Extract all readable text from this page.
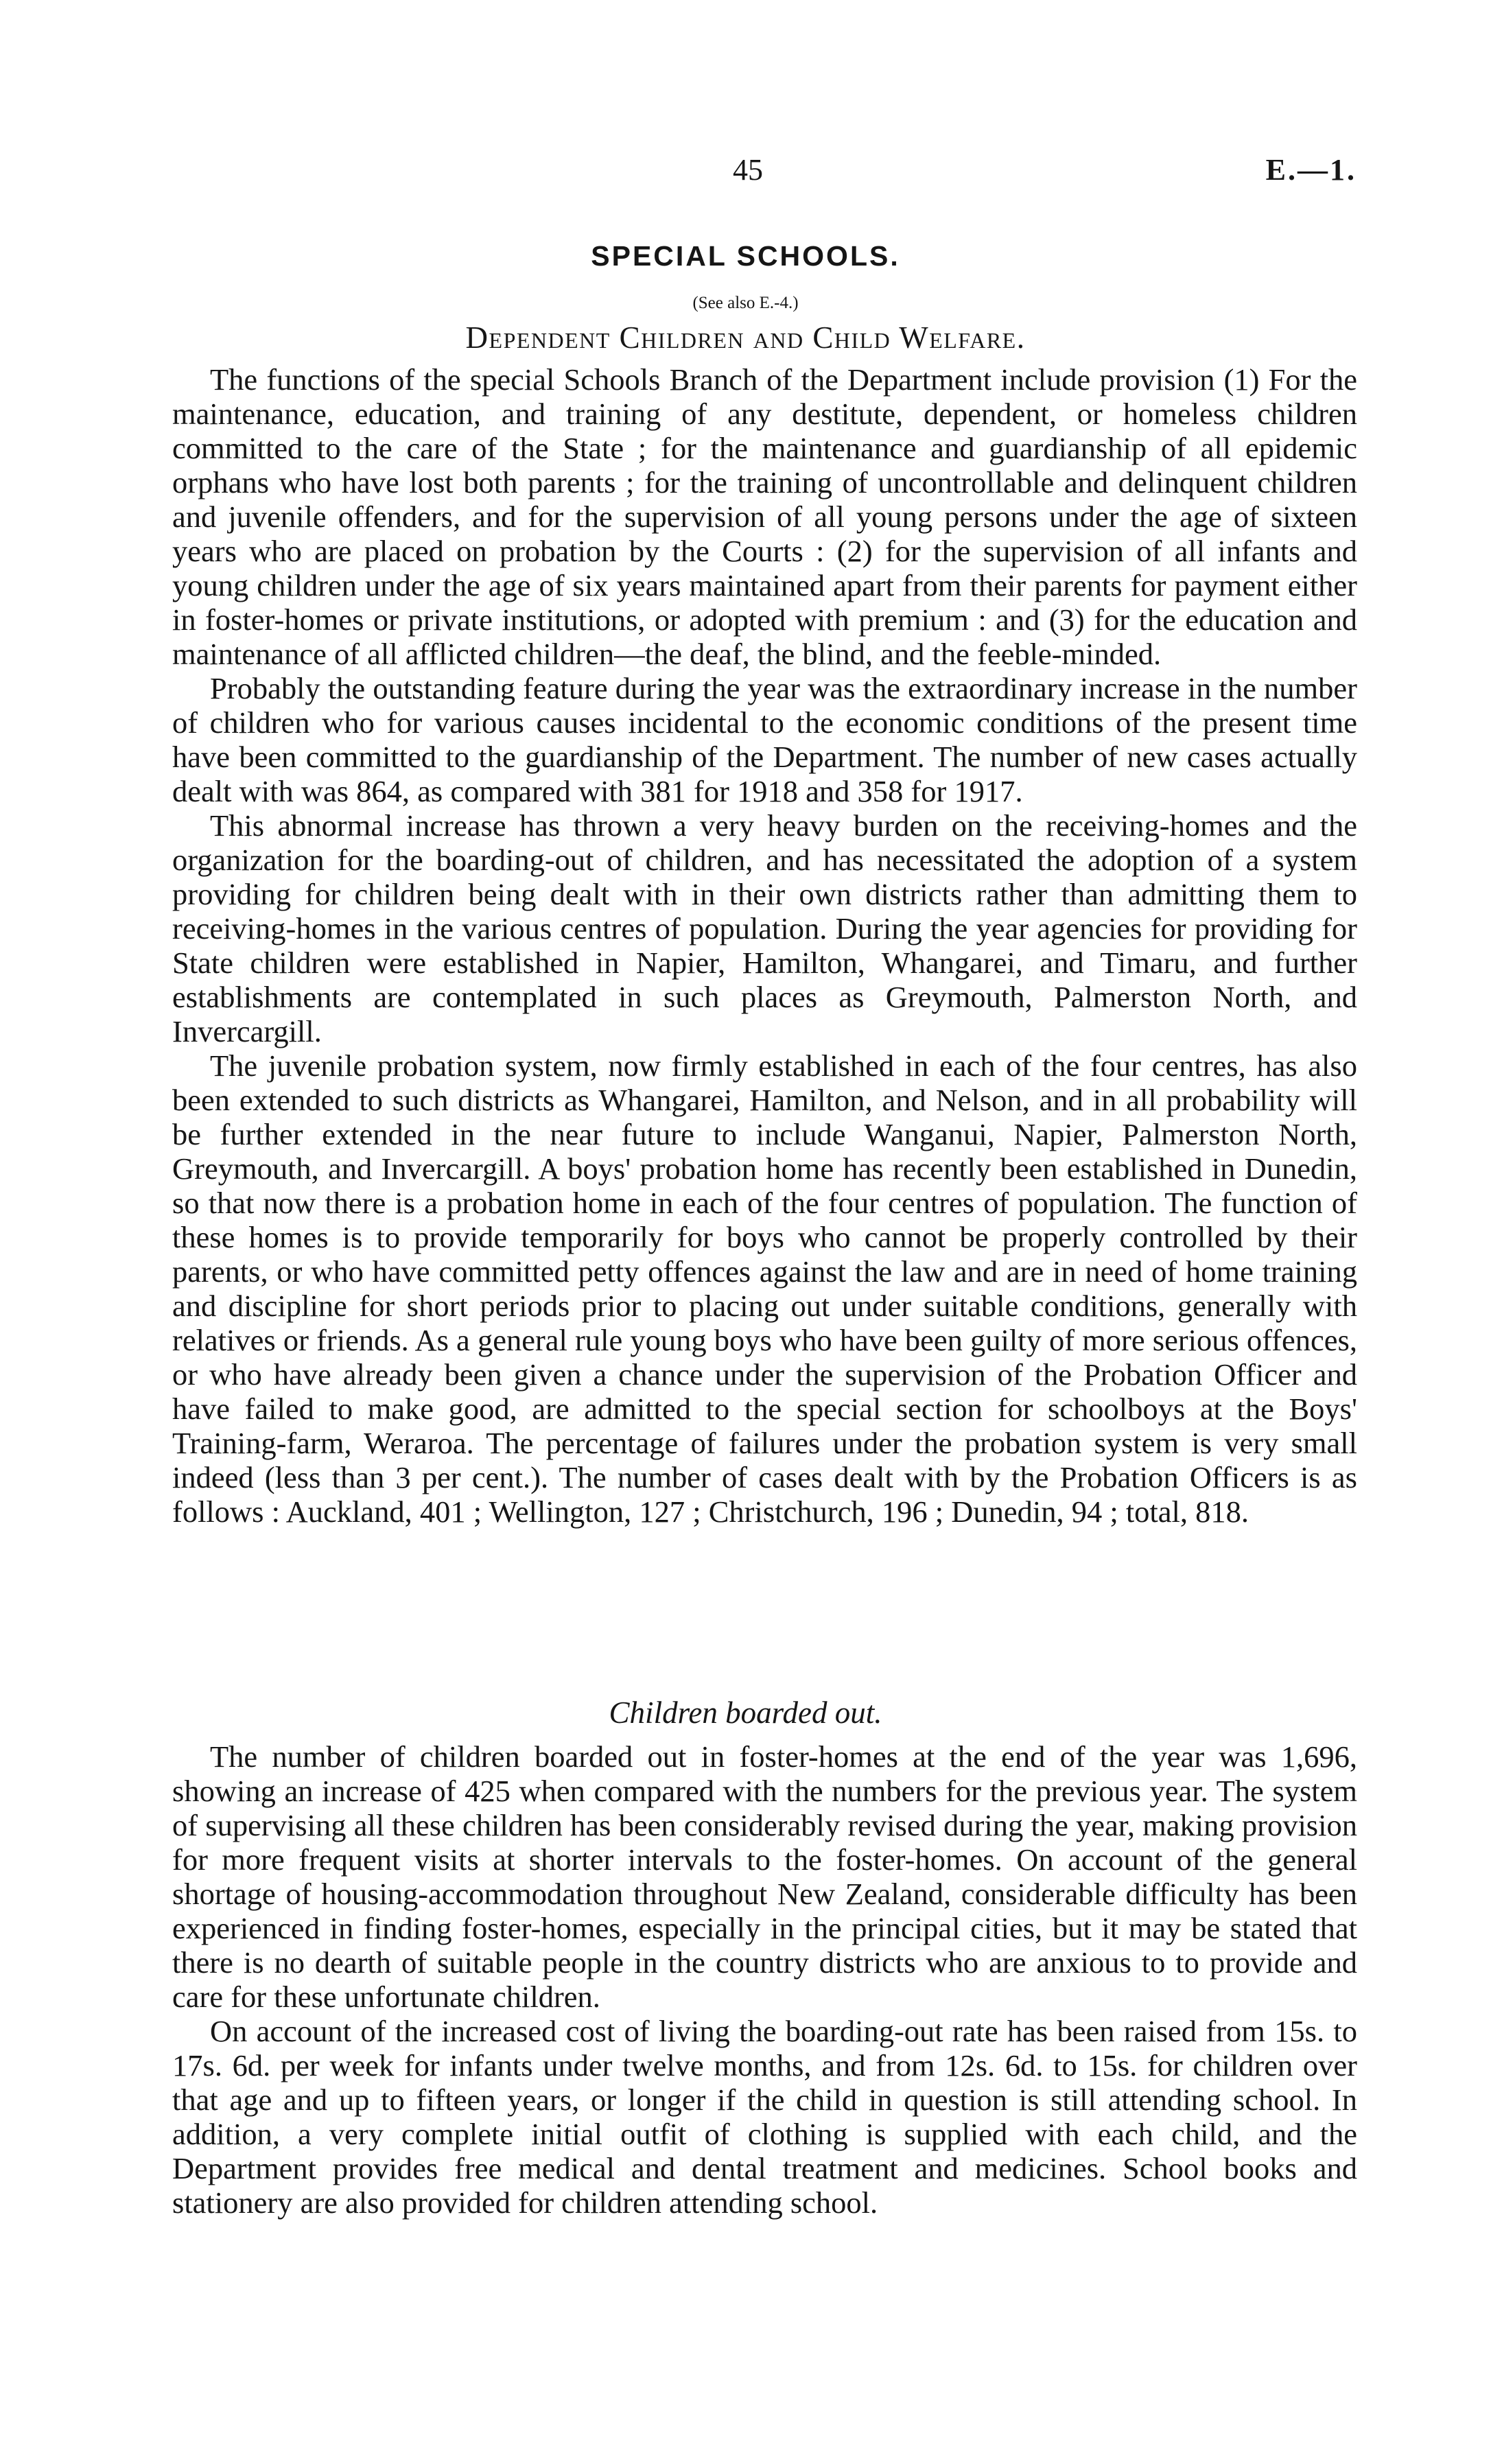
45	E.—1.
SPECIAL SCHOOLS.
(See also E.-4.)
Dependent Children and Child Welfare.

The functions of the special Schools Branch of the Department include provision (1) For the maintenance, education, and training of any destitute, dependent, or homeless children committed to the care of the State ; for the maintenance and guardianship of all epidemic orphans who have lost both parents ; for the training of uncontrollable and delinquent children and juvenile offenders, and for the supervision of all young persons under the age of sixteen years who are placed on probation by the Courts : (2) for the supervision of all infants and young children under the age of six years maintained apart from their parents for payment either in foster-homes or private institutions, or adopted with premium : and (3) for the education and maintenance of all afflicted children—the deaf, the blind, and the feeble-minded.

Probably the outstanding feature during the year was the extraordinary increase in the number of children who for various causes incidental to the economic conditions of the present time have been committed to the guardianship of the Department. The number of new cases actually dealt with was 864, as compared with 381 for 1918 and 358 for 1917.

This abnormal increase has thrown a very heavy burden on the receiving-homes and the organization for the boarding-out of children, and has necessitated the adoption of a system providing for children being dealt with in their own districts rather than admitting them to receiving-homes in the various centres of population. During the year agencies for providing for State children were established in Napier, Hamilton, Whangarei, and Timaru, and further establishments are contemplated in such places as Greymouth, Palmerston North, and Invercargill.

The juvenile probation system, now firmly established in each of the four centres, has also been extended to such districts as Whangarei, Hamilton, and Nelson, and in all probability will be further extended in the near future to include Wanganui, Napier, Palmerston North, Greymouth, and Invercargill. A boys' probation home has recently been established in Dunedin, so that now there is a probation home in each of the four centres of population. The function of these homes is to provide temporarily for boys who cannot be properly controlled by their parents, or who have committed petty offences against the law and are in need of home training and discipline for short periods prior to placing out under suitable conditions, generally with relatives or friends. As a general rule young boys who have been guilty of more serious offences, or who have already been given a chance under the supervision of the Probation Officer and have failed to make good, are admitted to the special section for schoolboys at the Boys' Training-farm, Weraroa. The percentage of failures under the probation system is very small indeed (less than 3 per cent.). The number of cases dealt with by the Probation Officers is as follows : Auckland, 401 ; Wellington, 127 ; Christchurch, 196 ; Dunedin, 94 ; total, 818.

Children boarded out.

The number of children boarded out in foster-homes at the end of the year was 1,696, showing an increase of 425 when compared with the numbers for the previous year. The system of supervising all these children has been considerably revised during the year, making provision for more frequent visits at shorter intervals to the foster-homes. On account of the general shortage of housing-accommodation throughout New Zealand, considerable difficulty has been experienced in finding foster-homes, especially in the principal cities, but it may be stated that there is no dearth of suitable people in the country districts who are anxious to to provide and care for these unfortunate children.

On account of the increased cost of living the boarding-out rate has been raised from 15s. to 17s. 6d. per week for infants under twelve months, and from 12s. 6d. to 15s. for children over that age and up to fifteen years, or longer if the child in question is still attending school. In addition, a very complete initial outfit of clothing is supplied with each child, and the Department provides free medical and dental treatment and medicines. School books and stationery are also provided for children attending school.
